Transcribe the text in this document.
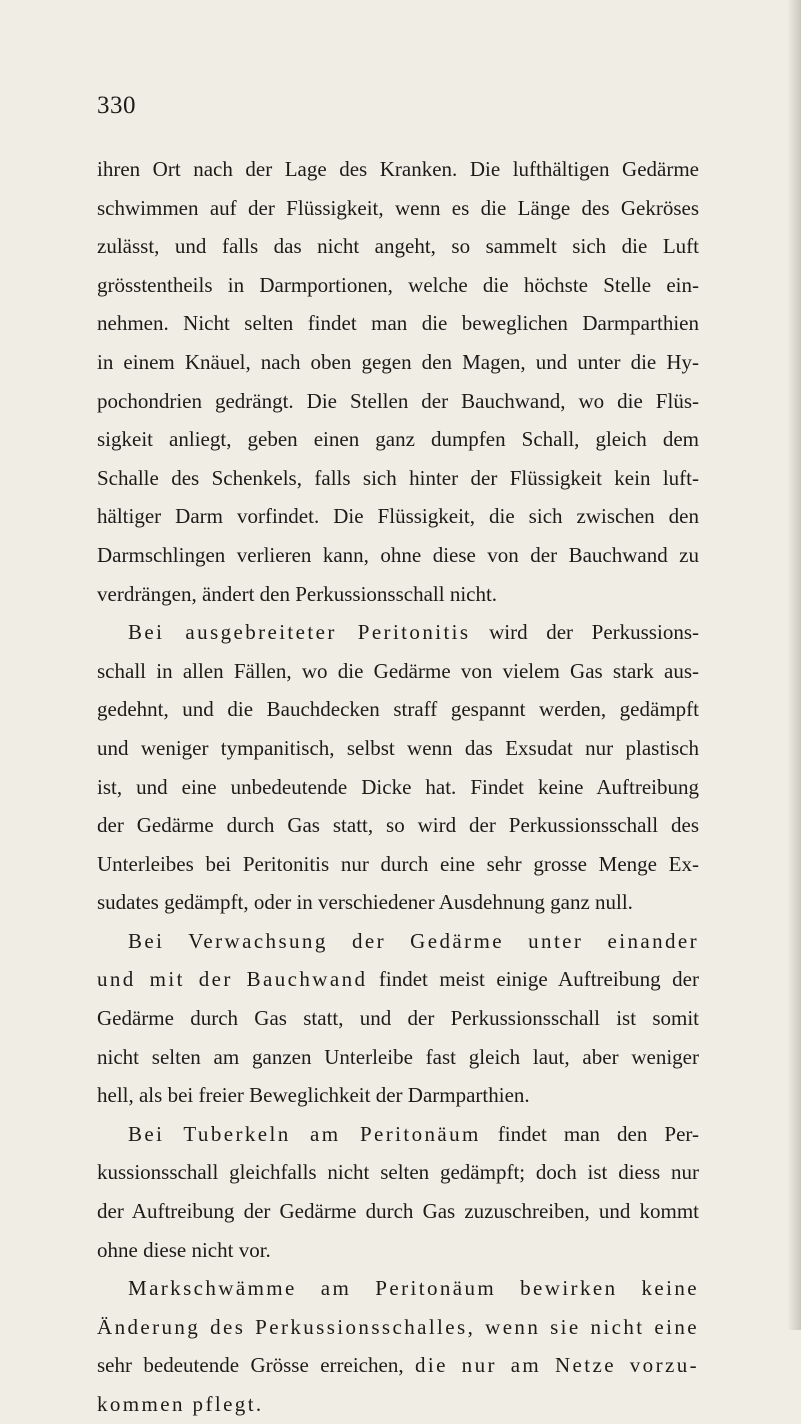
330
ihren Ort nach der Lage des Kranken. Die lufthältigen Gedärme
schwimmen auf der Flüssigkeit, wenn es die Länge des Gekröses
zulässt, und falls das nicht angeht, so sammelt sich die Luft
grösstentheils in Darmportionen, welche die höchste Stelle ein-
nehmen. Nicht selten findet man die beweglichen Darmparthien
in einem Knäuel, nach oben gegen den Magen, und unter die Hy-
pochondrien gedrängt. Die Stellen der Bauchwand, wo die Flüs-
sigkeit anliegt, geben einen ganz dumpfen Schall, gleich dem
Schalle des Schenkels, falls sich hinter der Flüssigkeit kein luft-
hältiger Darm vorfindet. Die Flüssigkeit, die sich zwischen den
Darmschlingen verlieren kann, ohne diese von der Bauchwand zu
verdrängen, ändert den Perkussionsschall nicht.
Bei ausgebreiteter Peritonitis wird der Perkussions-
schall in allen Fällen, wo die Gedärme von vielem Gas stark aus-
gedehnt, und die Bauchdecken straff gespannt werden, gedämpft
und weniger tympanitisch, selbst wenn das Exsudat nur plastisch
ist, und eine unbedeutende Dicke hat. Findet keine Auftreibung
der Gedärme durch Gas statt, so wird der Perkussionsschall des
Unterleibes bei Peritonitis nur durch eine sehr grosse Menge Ex-
sudates gedämpft, oder in verschiedener Ausdehnung ganz null.
Bei Verwachsung der Gedärme unter einander
und mit der Bauchwand findet meist einige Auftreibung der
Gedärme durch Gas statt, und der Perkussionsschall ist somit
nicht selten am ganzen Unterleibe fast gleich laut, aber weniger
hell, als bei freier Beweglichkeit der Darmparthien.
Bei Tuberkeln am Peritonäum findet man den Per-
kussionsschall gleichfalls nicht selten gedämpft; doch ist diess nur
der Auftreibung der Gedärme durch Gas zuzuschreiben, und kommt
ohne diese nicht vor.
Markschwämme am Peritonäum bewirken keine
Änderung des Perkussionsschalles, wenn sie nicht eine
sehr bedeutende Grösse erreichen, die nur am Netze vorzu-
kommen pflegt.
